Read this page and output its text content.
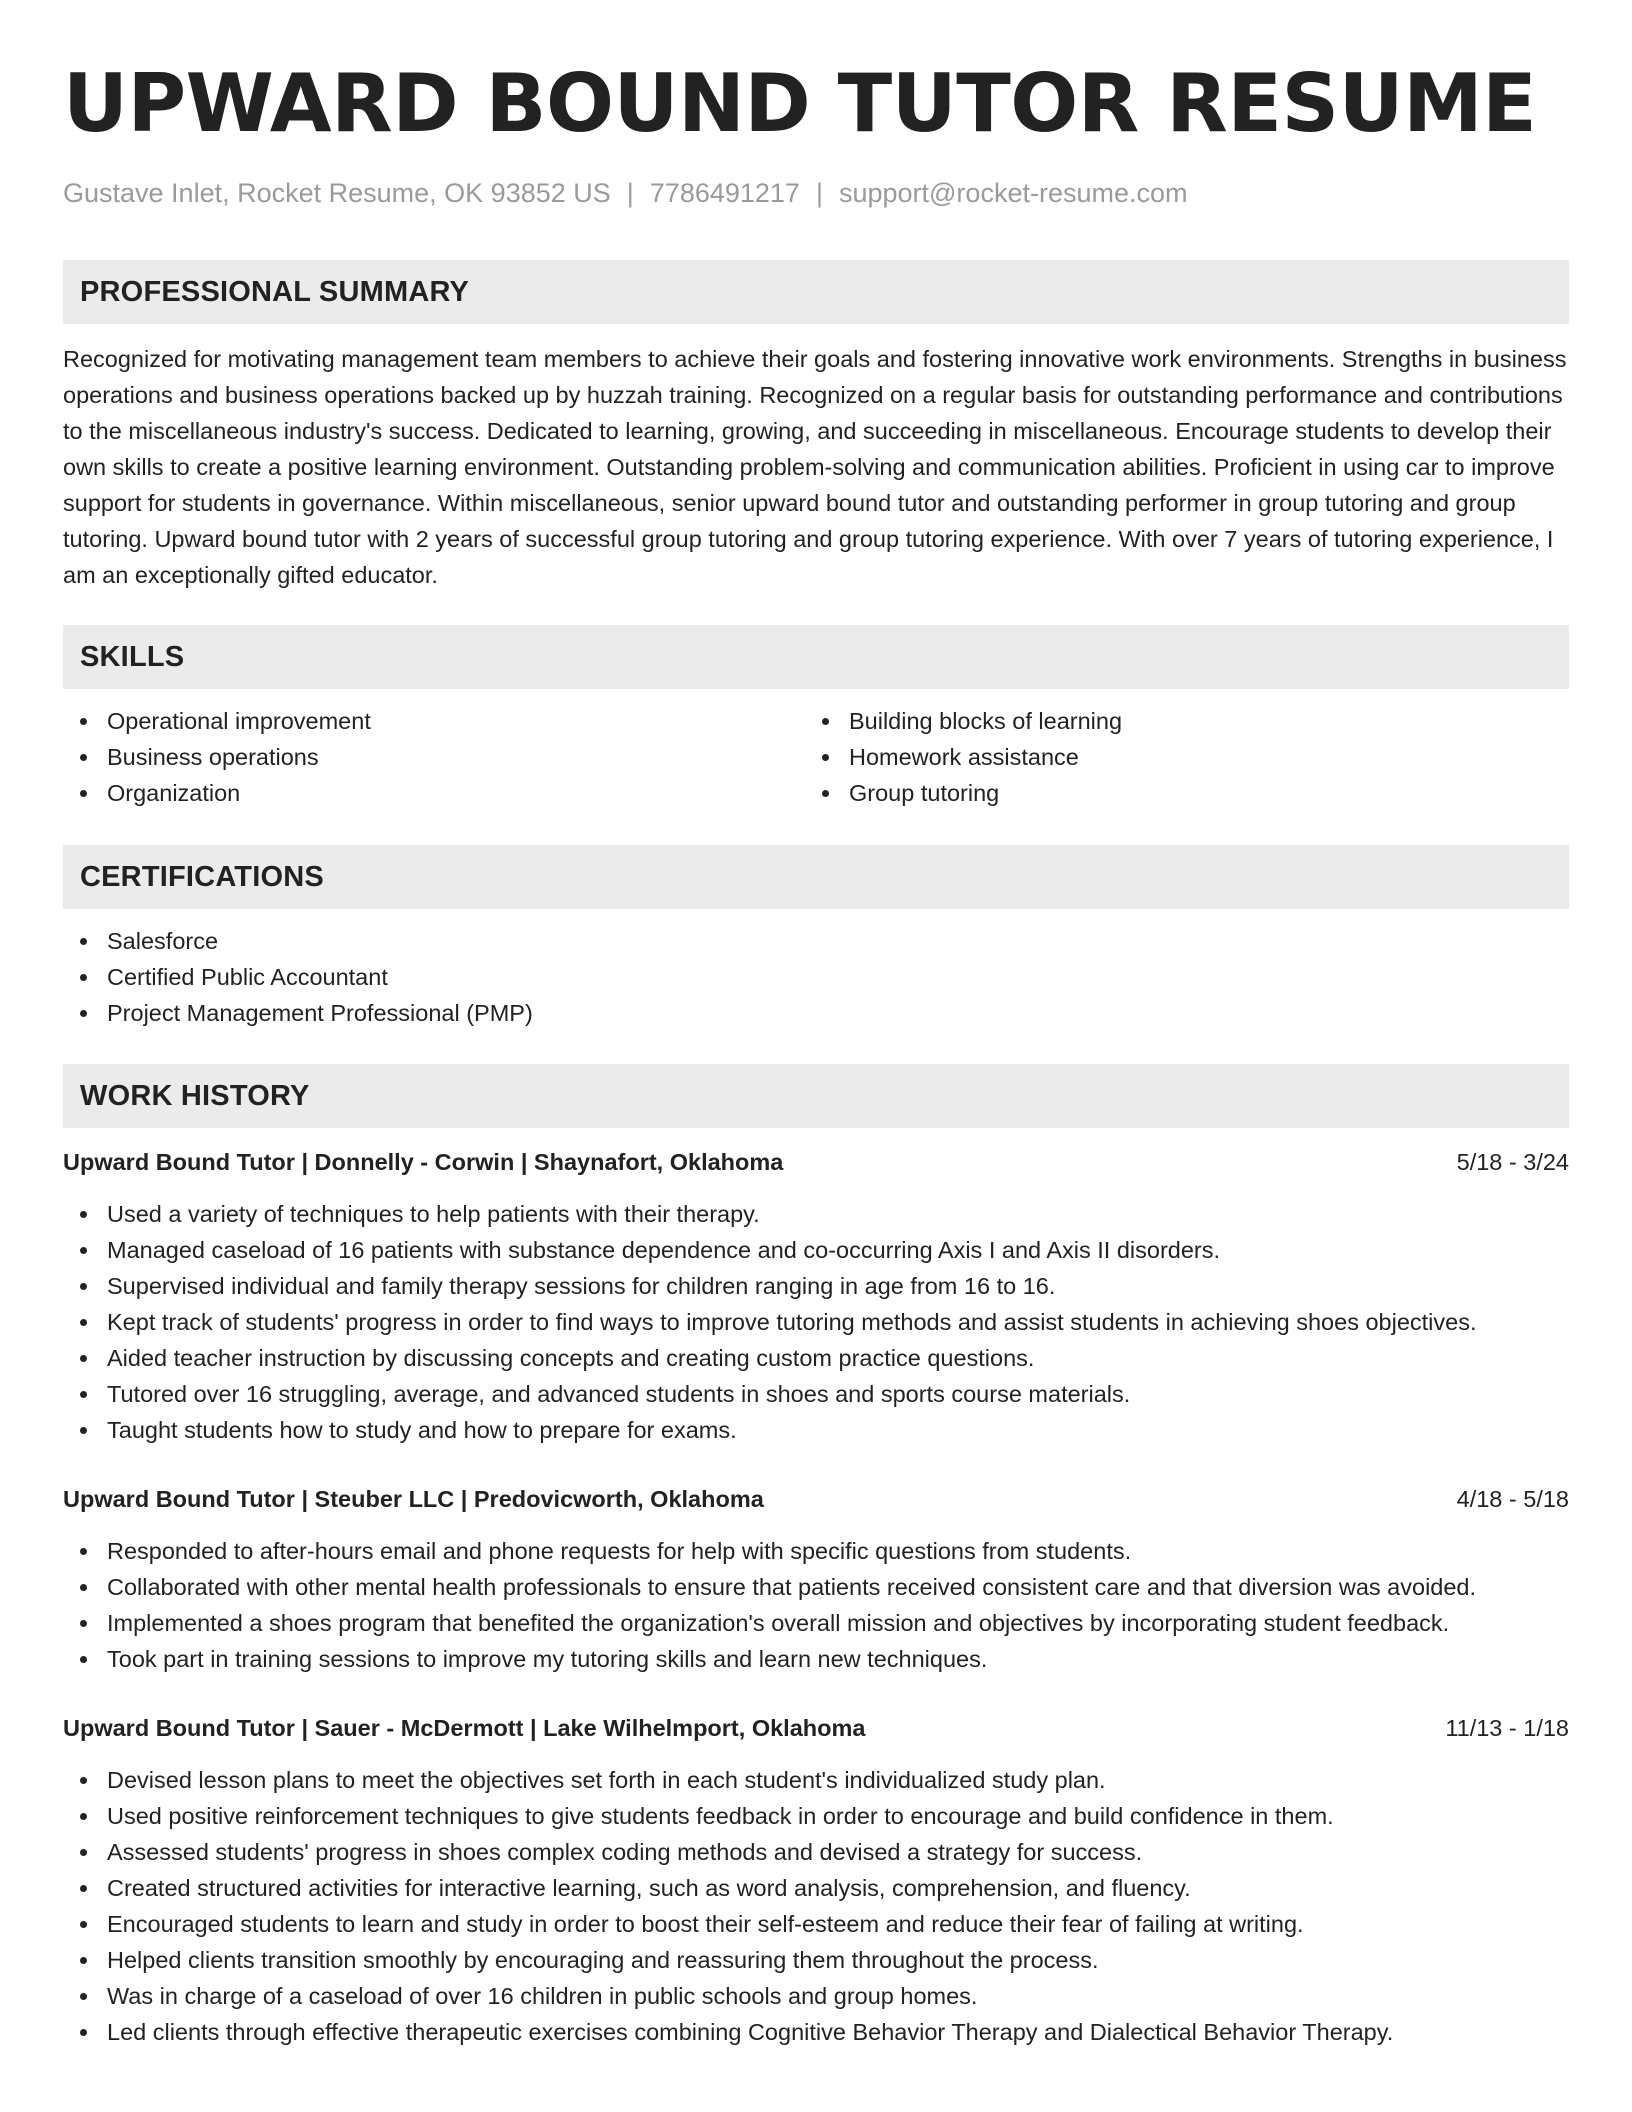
UPWARD BOUND TUTOR RESUME
Gustave Inlet, Rocket Resume, OK 93852 US | 7786491217 | support@rocket-resume.com
PROFESSIONAL SUMMARY
Recognized for motivating management team members to achieve their goals and fostering innovative work environments. Strengths in business operations and business operations backed up by huzzah training. Recognized on a regular basis for outstanding performance and contributions to the miscellaneous industry's success. Dedicated to learning, growing, and succeeding in miscellaneous. Encourage students to develop their own skills to create a positive learning environment. Outstanding problem-solving and communication abilities. Proficient in using car to improve support for students in governance. Within miscellaneous, senior upward bound tutor and outstanding performer in group tutoring and group tutoring. Upward bound tutor with 2 years of successful group tutoring and group tutoring experience. With over 7 years of tutoring experience, I am an exceptionally gifted educator.
SKILLS
Operational improvement
Business operations
Organization
Building blocks of learning
Homework assistance
Group tutoring
CERTIFICATIONS
Salesforce
Certified Public Accountant
Project Management Professional (PMP)
WORK HISTORY
Upward Bound Tutor | Donnelly - Corwin | Shaynafort, Oklahoma	5/18 - 3/24
Used a variety of techniques to help patients with their therapy.
Managed caseload of 16 patients with substance dependence and co-occurring Axis I and Axis II disorders.
Supervised individual and family therapy sessions for children ranging in age from 16 to 16.
Kept track of students' progress in order to find ways to improve tutoring methods and assist students in achieving shoes objectives.
Aided teacher instruction by discussing concepts and creating custom practice questions.
Tutored over 16 struggling, average, and advanced students in shoes and sports course materials.
Taught students how to study and how to prepare for exams.
Upward Bound Tutor | Steuber LLC | Predovicworth, Oklahoma	4/18 - 5/18
Responded to after-hours email and phone requests for help with specific questions from students.
Collaborated with other mental health professionals to ensure that patients received consistent care and that diversion was avoided.
Implemented a shoes program that benefited the organization's overall mission and objectives by incorporating student feedback.
Took part in training sessions to improve my tutoring skills and learn new techniques.
Upward Bound Tutor | Sauer - McDermott | Lake Wilhelmport, Oklahoma	11/13 - 1/18
Devised lesson plans to meet the objectives set forth in each student's individualized study plan.
Used positive reinforcement techniques to give students feedback in order to encourage and build confidence in them.
Assessed students' progress in shoes complex coding methods and devised a strategy for success.
Created structured activities for interactive learning, such as word analysis, comprehension, and fluency.
Encouraged students to learn and study in order to boost their self-esteem and reduce their fear of failing at writing.
Helped clients transition smoothly by encouraging and reassuring them throughout the process.
Was in charge of a caseload of over 16 children in public schools and group homes.
Led clients through effective therapeutic exercises combining Cognitive Behavior Therapy and Dialectical Behavior Therapy.
